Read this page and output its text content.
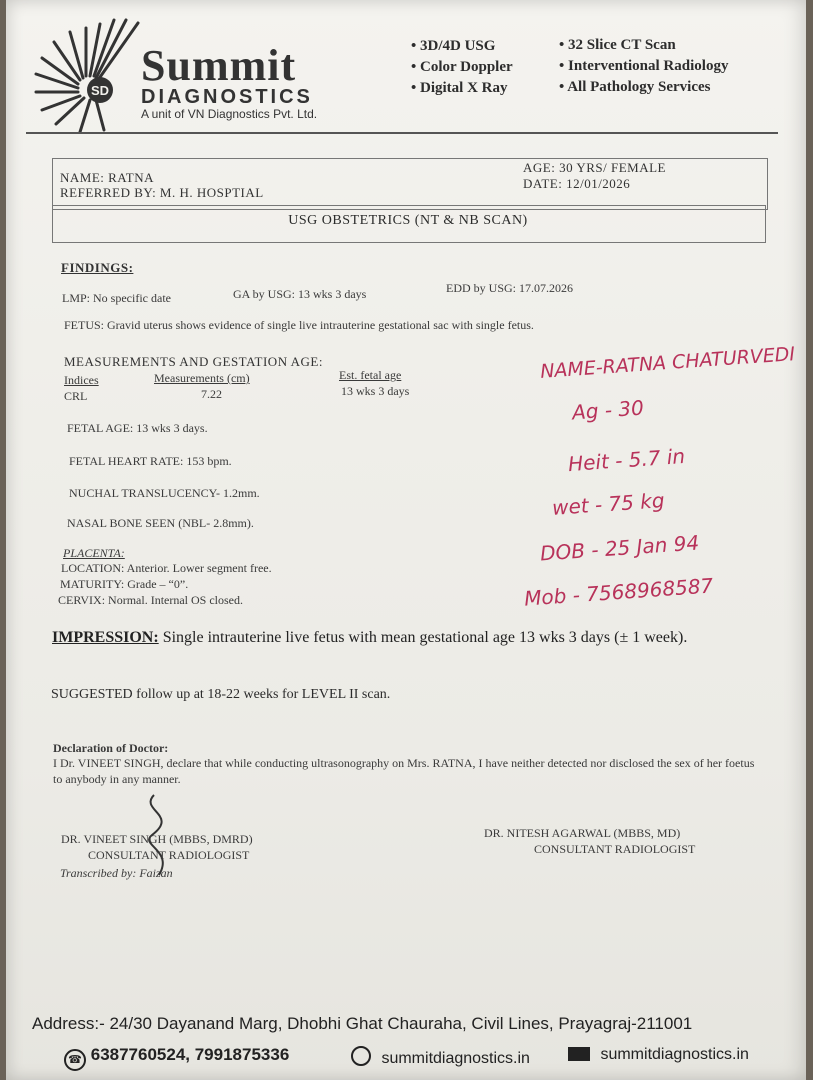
SD
Summit
DIAGNOSTICS
A unit of VN Diagnostics Pvt. Ltd.
• 3D/4D USG
• Color Doppler
• Digital X Ray
• 32 Slice CT Scan
• Interventional Radiology
• All Pathology Services
NAME: RATNA
REFERRED BY: M. H. HOSPTIAL
AGE: 30 YRS/ FEMALE
DATE: 12/01/2026
USG OBSTETRICS (NT & NB SCAN)
FINDINGS:
LMP: No specific date	GA by USG: 13 wks 3 days	EDD by USG: 17.07.2026
FETUS: Gravid uterus shows evidence of single live intrauterine gestational sac with single fetus.
MEASUREMENTS AND GESTATION AGE:
Indices	Measurements (cm)	Est. fetal age
CRL	7.22	13 wks 3 days
FETAL AGE: 13 wks 3 days.
FETAL HEART RATE: 153 bpm.
NUCHAL TRANSLUCENCY- 1.2mm.
NASAL BONE SEEN (NBL- 2.8mm).
PLACENTA:
LOCATION: Anterior. Lower segment free.
MATURITY: Grade – “0”.
CERVIX: Normal. Internal OS closed.
NAME-RATNA CHATURVEDI
Ag - 30
Heit - 5.7 in
wet - 75 kg
DOB - 25 Jan 94
Mob - 7568968587
IMPRESSION: Single intrauterine live fetus with mean gestational age 13 wks 3 days (± 1 week).
SUGGESTED follow up at 18-22 weeks for LEVEL II scan.
Declaration of Doctor:
I Dr. VINEET SINGH, declare that while conducting ultrasonography on Mrs. RATNA, I have neither detected nor disclosed the sex of her foetus to anybody in any manner.
DR. VINEET SINGH (MBBS, DMRD)
CONSULTANT RADIOLOGIST
Transcribed by: Faizan
DR. NITESH AGARWAL (MBBS, MD)
CONSULTANT RADIOLOGIST
Address:- 24/30 Dayanand Marg, Dhobhi Ghat Chauraha, Civil Lines, Prayagraj-211001
☎ 6387760524, 7991875336	summitdiagnostics.in	summitdiagnostics.in
